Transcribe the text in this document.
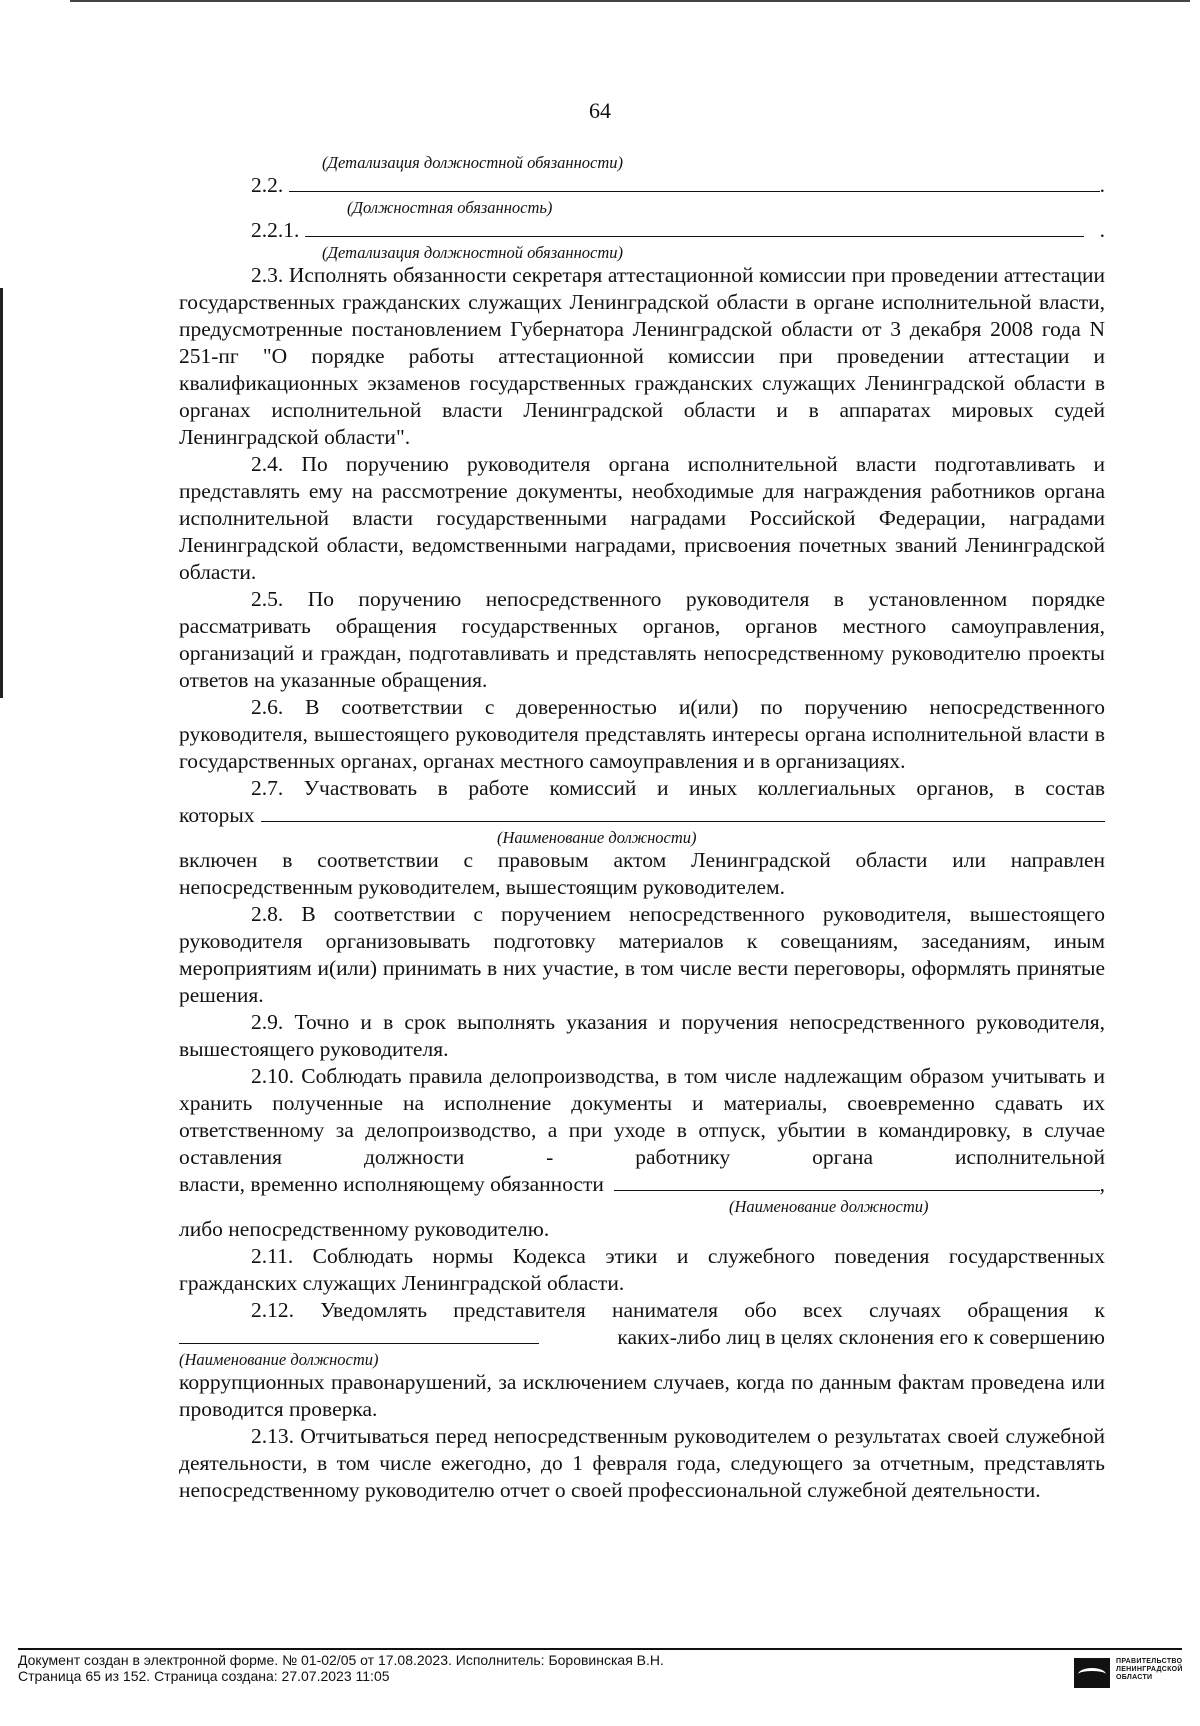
64
(Детализация должностной обязанности)
2.2.	.
(Должностная обязанность)
2.2.1.	.
(Детализация должностной обязанности)

2.3. Исполнять обязанности секретаря аттестационной комиссии при проведении аттестации государственных гражданских служащих Ленинградской области в органе исполнительной власти, предусмотренные постановлением Губернатора Ленинградской области от 3 декабря 2008 года N 251-пг "О порядке работы аттестационной комиссии при проведении аттестации и квалификационных экзаменов государственных гражданских служащих Ленинградской области в органах исполнительной власти Ленинградской области и в аппаратах мировых судей Ленинградской области".

2.4. По поручению руководителя органа исполнительной власти подготавливать и представлять ему на рассмотрение документы, необходимые для награждения работников органа исполнительной власти государственными наградами Российской Федерации, наградами Ленинградской области, ведомственными наградами, присвоения почетных званий Ленинградской области.

2.5. По поручению непосредственного руководителя в установленном порядке рассматривать обращения государственных органов, органов местного самоуправления, организаций и граждан, подготавливать и представлять непосредственному руководителю проекты ответов на указанные обращения.

2.6. В соответствии с доверенностью и(или) по поручению непосредственного руководителя, вышестоящего руководителя представлять интересы органа исполнительной власти в государственных органах, органах местного самоуправления и в организациях.

2.7. Участвовать в работе комиссий и иных коллегиальных органов, в состав

которых
(Наименование должности)

включен в соответствии с правовым актом Ленинградской области или направлен непосредственным руководителем, вышестоящим руководителем.

2.8. В соответствии с поручением непосредственного руководителя, вышестоящего руководителя организовывать подготовку материалов к совещаниям, заседаниям, иным мероприятиям и(или) принимать в них участие, в том числе вести переговоры, оформлять принятые решения.

2.9. Точно и в срок выполнять указания и поручения непосредственного руководителя, вышестоящего руководителя.

2.10. Соблюдать правила делопроизводства, в том числе надлежащим образом учитывать и хранить полученные на исполнение документы и материалы, своевременно сдавать их ответственному за делопроизводство, а при уходе в отпуск, убытии в командировку, в случае оставления должности - работнику органа исполнительной

власти, временно исполняющему обязанности	,
(Наименование должности)

либо непосредственному руководителю.

2.11. Соблюдать нормы Кодекса этики и служебного поведения государственных гражданских служащих Ленинградской области.

2.12. Уведомлять представителя нанимателя обо всех случаях обращения к

каких-либо лиц в целях склонения его к совершению
(Наименование должности)

коррупционных правонарушений, за исключением случаев, когда по данным фактам проведена или проводится проверка.

2.13. Отчитываться перед непосредственным руководителем о результатах своей служебной деятельности, в том числе ежегодно, до 1 февраля года, следующего за отчетным, представлять непосредственному руководителю отчет о своей профессиональной служебной деятельности.

Документ создан в электронной форме. № 01-02/05 от 17.08.2023. Исполнитель: Боровинская В.Н.
Страница 65 из 152. Страница создана: 27.07.2023 11:05
ПРАВИТЕЛЬСТВО ЛЕНИНГРАДСКОЙ ОБЛАСТИ
